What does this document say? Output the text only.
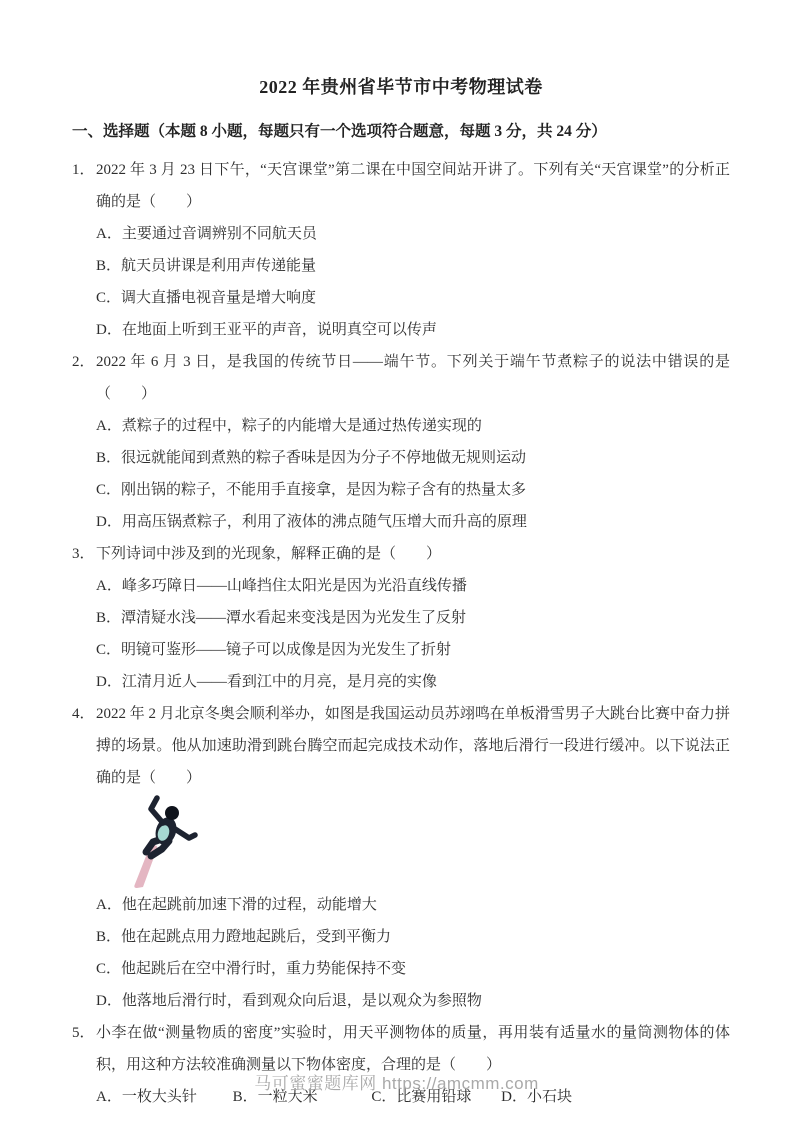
2022 年贵州省毕节市中考物理试卷
一、选择题（本题 8 小题，每题只有一个选项符合题意，每题 3 分，共 24 分）
1． 2022 年 3 月 23 日下午，“天宫课堂”第二课在中国空间站开讲了。下列有关“天宫课堂”的分析正确的是（　　）
A．主要通过音调辨别不同航天员
B．航天员讲课是利用声传递能量
C．调大直播电视音量是增大响度
D．在地面上听到王亚平的声音，说明真空可以传声
2． 2022 年 6 月 3 日，是我国的传统节日——端午节。下列关于端午节煮粽子的说法中错误的是（　　）
A．煮粽子的过程中，粽子的内能增大是通过热传递实现的
B．很远就能闻到煮熟的粽子香味是因为分子不停地做无规则运动
C．刚出锅的粽子，不能用手直接拿，是因为粽子含有的热量太多
D．用高压锅煮粽子，利用了液体的沸点随气压增大而升高的原理
3． 下列诗词中涉及到的光现象，解释正确的是（　　）
A．峰多巧障日——山峰挡住太阳光是因为光沿直线传播
B．潭清疑水浅——潭水看起来变浅是因为光发生了反射
C．明镜可鉴形——镜子可以成像是因为光发生了折射
D．江清月近人——看到江中的月亮，是月亮的实像
4． 2022 年 2 月北京冬奥会顺利举办，如图是我国运动员苏翊鸣在单板滑雪男子大跳台比赛中奋力拼搏的场景。他从加速助滑到跳台腾空而起完成技术动作，落地后滑行一段进行缓冲。以下说法正确的是（　　）
A．他在起跳前加速下滑的过程，动能增大
B．他在起跳点用力蹬地起跳后，受到平衡力
C．他起跳后在空中滑行时，重力势能保持不变
D．他落地后滑行时，看到观众向后退，是以观众为参照物
5． 小李在做“测量物质的密度”实验时，用天平测物体的质量，再用装有适量水的量筒测物体的体积，用这种方法较准确测量以下物体密度，合理的是（　　）
A．一枚大头针 B．一粒大米	C．比赛用铅球 D．小石块
马可蜜蜜题库网 https://amcmm.com
